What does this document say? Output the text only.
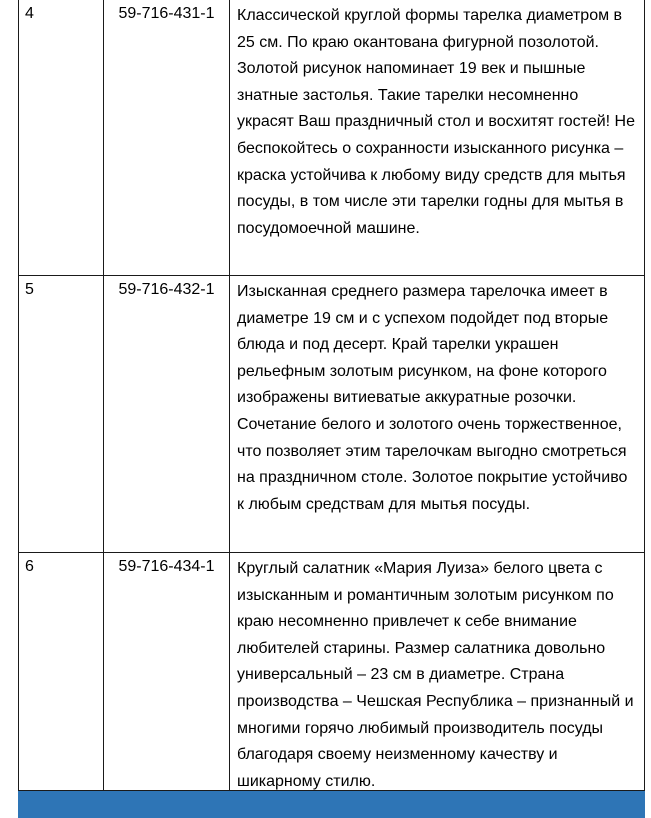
4	59-716-431-1	Классической круглой формы тарелка диаметром в 25 см. По краю окантована фигурной позолотой. Золотой рисунок напоминает 19 век и пышные знатные застолья. Такие тарелки несомненно украсят Ваш праздничный стол и восхитят гостей! Не беспокойтесь о сохранности изысканного рисунка – краска устойчива к любому виду средств для мытья посуды, в том числе эти тарелки годны для мытья в посудомоечной машине.
5	59-716-432-1	Изысканная среднего размера тарелочка имеет в диаметре 19 см и с успехом подойдет под вторые блюда и под десерт. Край тарелки украшен рельефным золотым рисунком, на фоне которого изображены витиеватые аккуратные розочки. Сочетание белого и золотого очень торжественное, что позволяет этим тарелочкам выгодно смотреться на праздничном столе. Золотое покрытие устойчиво к любым средствам для мытья посуды.
6	59-716-434-1	Круглый салатник «Мария Луиза» белого цвета с изысканным и романтичным золотым рисунком по краю несомненно привлечет к себе внимание любителей старины. Размер салатника довольно универсальный – 23 см в диаметре. Страна производства – Чешская Республика – признанный и многими горячо любимый производитель посуды благодаря своему неизменному качеству и шикарному стилю.
